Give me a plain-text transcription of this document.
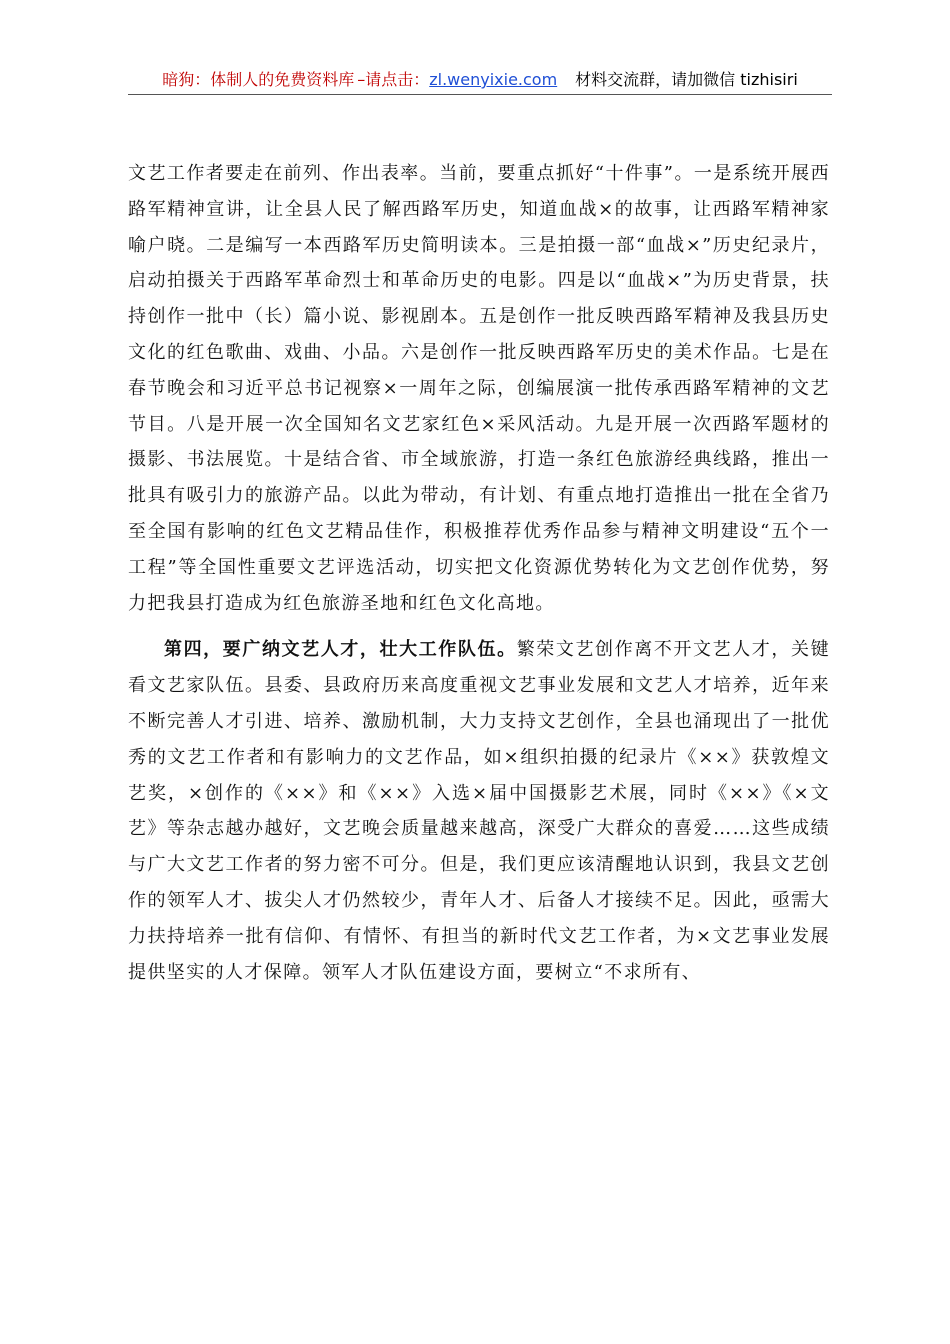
暗狗：体制人的免费资料库 –请点击：zl.wenyixie.com 材料交流群，请加微信 tizhisiri

文艺工作者要走在前列、作出表率。当前，要重点抓好“十件事”。一是系统开展西路军精神宣讲，让全县人民了解西路军历史，知道血战×的故事，让西路军精神家喻户晓。二是编写一本西路军历史简明读本。三是拍摄一部“血战×”历史纪录片，启动拍摄关于西路军革命烈士和革命历史的电影。四是以“血战×”为历史背景，扶持创作一批中（长）篇小说、影视剧本。五是创作一批反映西路军精神及我县历史文化的红色歌曲、戏曲、小品。六是创作一批反映西路军历史的美术作品。七是在春节晚会和习近平总书记视察×一周年之际，创编展演一批传承西路军精神的文艺节目。八是开展一次全国知名文艺家红色×采风活动。九是开展一次西路军题材的摄影、书法展览。十是结合省、市全域旅游，打造一条红色旅游经典线路，推出一批具有吸引力的旅游产品。以此为带动，有计划、有重点地打造推出一批在全省乃至全国有影响的红色文艺精品佳作，积极推荐优秀作品参与精神文明建设“五个一工程”等全国性重要文艺评选活动，切实把文化资源优势转化为文艺创作优势，努力把我县打造成为红色旅游圣地和红色文化高地。

第四，要广纳文艺人才，壮大工作队伍。繁荣文艺创作离不开文艺人才，关键看文艺家队伍。县委、县政府历来高度重视文艺事业发展和文艺人才培养，近年来不断完善人才引进、培养、激励机制，大力支持文艺创作，全县也涌现出了一批优秀的文艺工作者和有影响力的文艺作品，如×组织拍摄的纪录片《××》获敦煌文艺奖，×创作的《××》和《××》入选×届中国摄影艺术展，同时《××》《×文艺》等杂志越办越好，文艺晚会质量越来越高，深受广大群众的喜爱……这些成绩与广大文艺工作者的努力密不可分。但是，我们更应该清醒地认识到，我县文艺创作的领军人才、拔尖人才仍然较少，青年人才、后备人才接续不足。因此，亟需大力扶持培养一批有信仰、有情怀、有担当的新时代文艺工作者，为×文艺事业发展提供坚实的人才保障。领军人才队伍建设方面，要树立“不求所有、
